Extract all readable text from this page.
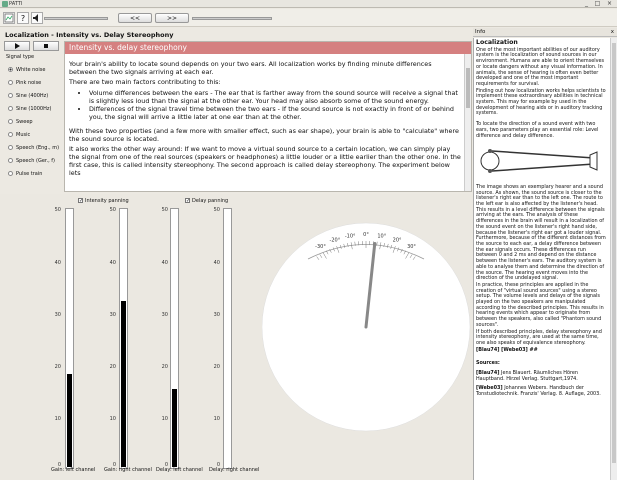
PATTI	_	□	×
?	<<	>>
Localization - Intensity vs. Delay Stereophony	Info	x
Signal type
White noise
Pink noise
Sine (400Hz)
Sine (1000Hz)
Sweep
Music
Speech (Eng., m)
Speech (Ger., f)
Pulse train
Intensity vs. delay stereophony

Your brain's ability to locate sound depends on your two ears. All localization works by finding minute differences between the two signals arriving at each ear.

There are two main factors contributing to this:

• Volume differences between the ears - The ear that is farther away from the sound source will receive a signal that is slightly less loud than the signal at the other ear. Your head may also absorb some of the sound energy.
• Differences of the signal travel time between the two ears - If the sound source is not exactly in front of or behind you, the signal will arrive a little later at one ear than at the other.

With these two properties (and a few more with smaller effect, such as ear shape), your brain is able to "calculate" where the sound source is located.

It also works the other way around: If we want to move a virtual sound source to a certain location, we can simply play the signal from one of the real sources (speakers or headphones) a little louder or a little earlier than the other one. In the first case, this is called intensity stereophony. The second approach is called delay stereophony. The experiment below lets

✓ Intensity panning	✓ Delay panning
50
40
30
20
10
0
50
40
30
20
10
0
50
40
30
20
10
0
50
40
30
20
10
0
Gain: left channel Gain: right channel Delay: left channel Delay: right channel
-30°
-20°
-10° 0° 10°
20°
30°
Localization

One of the most important abilities of our auditory system is the localization of sound sources in our environment. Humans are able to orient themselves or locate dangers without any visual information. In animals, the sense of hearing is often even better developed and one of the most important requirements for survival.

Finding out how localization works helps scientists to implement these extraordinary abilities in technical system. This may for example by used in the development of hearing aids or in auditory tracking systems.

To locate the direction of a sound event with two ears, two parameters play an essential role: Level difference and delay difference.

The image shows an exemplary hearer and a sound source. As shown, the sound source is closer to the listener's right ear than to the left one. The route to the left ear is also affected by the listener's head. This results in a level difference between the signals arriving at the ears. The analysis of these differences in the brain will result in a localization of the sound event on the listener's right hand side, because the listener's right ear got a louder signal. Furthermore, because of the different distances from the source to each ear, a delay difference between the ear signals occurs. These differences run between 0 and 2 ms and depend on the distance between the listener's ears. The auditory system is able to analyse them and determine the direction of the source. The hearing event moves into the direction of the undelayed signal.

In practice, these principles are applied in the creation of "virtual sound sources" using a stereo setup. The volume levels and delays of the signals played on the two speakers are manipulated according to the described principles. This results in hearing events which appear to originate from between the speakers, also called "Phantom sound sources".

If both described principles, delay stereophony and intensity stereophony, are used at the same time, one also speaks of equivalence stereophony.

[Blau74] [Webe03] ##

Sources:

[Blau74] Jens Blauert. Räumliches Hören Hauptband. Hirzel Verlag. Stuttgart,1974.

[Webe03] Johannes Webers. Handbuch der Tonstudiotechnik. Franzis' Verlag. 8. Auflage, 2003.
